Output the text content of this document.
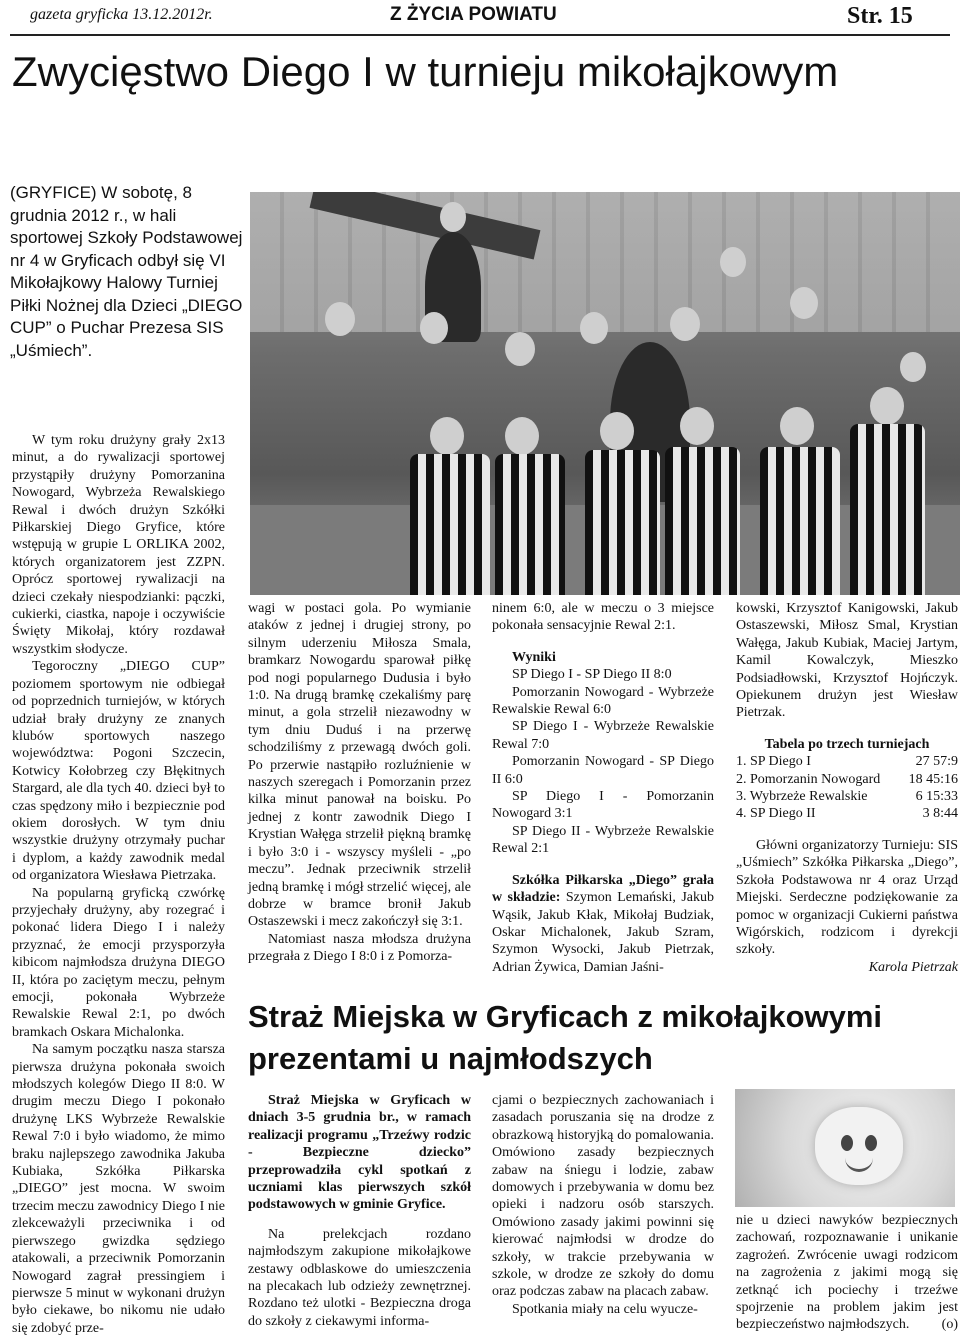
gazeta gryficka 13.12.2012r.	Z ŻYCIA POWIATU	Str. 15
Zwycięstwo Diego I w turnieju mikołajkowym
(GRYFICE) W sobotę, 8 grudnia 2012 r., w hali sportowej Szkoły Podstawowej nr 4 w Gryficach odbył się VI Mikołajkowy Halowy Turniej Piłki Nożnej dla Dzieci „DIEGO CUP” o Puchar Prezesa SIS „Uśmiech”.

W tym roku drużyny grały 2x13 minut, a do rywalizacji sportowej przystąpiły drużyny Pomorzanina Nowogard, Wybrzeża Rewalskiego Rewal i dwóch drużyn Szkółki Piłkarskiej Diego Gryfice, które wstępują w grupie L ORLIKA 2002, których organizatorem jest ZZPN. Oprócz sportowej rywalizacji na dzieci czekały niespodzianki: pączki, cukierki, ciastka, napoje i oczywiście Święty Mikołaj, który rozdawał wszystkim słodycze.

Tegoroczny „DIEGO CUP” poziomem sportowym nie odbiegał od poprzednich turniejów, w których udział brały drużyny ze znanych klubów sportowych naszego województwa: Pogoni Szczecin, Kotwicy Kołobrzeg czy Błękitnych Stargard, ale dla tych 40. dzieci był to czas spędzony miło i bezpiecznie pod okiem dorosłych. W tym dniu wszystkie drużyny otrzymały puchar i dyplom, a każdy zawodnik medal od organizatora Wiesława Pietrzaka.

Na popularną gryficką czwórkę przyjechały drużyny, aby rozegrać i pokonać lidera Diego I i należy przyznać, że emocji przysporzyła kibicom najmłodsza drużyna DIEGO II, która po zaciętym meczu, pełnym emocji, pokonała Wybrzeże Rewalskie Rewal 2:1, po dwóch bramkach Oskara Michalonka.

Na samym początku nasza starsza pierwsza drużyna pokonała swoich młodszych kolegów Diego II 8:0. W drugim meczu Diego I pokonało drużynę LKS Wybrzeże Rewalskie Rewal 7:0 i było wiadomo, że mimo braku najlepszego zawodnika Jakuba Kubiaka, Szkółka Piłkarska „DIEGO” jest mocna. W swoim trzecim meczu zawodnicy Diego I nie zlekceważyli przeciwnika i od pierwszego gwizdka sędziego atakowali, a przeciwnik Pomorzanin Nowogard zagrał pressingiem i pierwsze 5 minut w wykonani drużyn było ciekawe, bo nikomu nie udało się zdobyć prze-

wagi w postaci gola. Po wymianie ataków z jednej i drugiej strony, po silnym uderzeniu Miłosza Smala, bramkarz Nowogardu sparował piłkę pod nogi popularnego Dudusia i było 1:0. Na drugą bramkę czekaliśmy parę minut, a gola strzelił niezawodny w tym dniu Duduś i na przerwę schodziliśmy z przewagą dwóch goli. Po przerwie nastąpiło rozluźnienie w naszych szeregach i Pomorzanin przez kilka minut panował na boisku. Po jednej z kontr zawodnik Diego I Krystian Wałęga strzelił piękną bramkę i było 3:0 i - wszyscy myśleli - „po meczu”. Jednak przeciwnik strzelił jedną bramkę i mógł strzelić więcej, ale dobrze w bramce bronił Jakub Ostaszewski i mecz zakończył się 3:1.

Natomiast nasza młodsza drużyna przegrała z Diego I 8:0 i z Pomorza-

ninem 6:0, ale w meczu o 3 miejsce pokonała sensacyjnie Rewal 2:1.

Wyniki

SP Diego I - SP Diego II 8:0

Pomorzanin Nowogard - Wybrzeże Rewalskie Rewal 6:0

SP Diego I - Wybrzeże Rewalskie Rewal 7:0

Pomorzanin Nowogard - SP Diego II 6:0

SP Diego I - Pomorzanin Nowogard 3:1

SP Diego II - Wybrzeże Rewalskie Rewal 2:1

Szkółka Piłkarska „Diego” grała w składzie: Szymon Lemański, Jakub Wąsik, Jakub Kłak, Mikołaj Budziak, Oskar Michalonek, Jakub Szram, Szymon Wysocki, Jakub Pietrzak, Adrian Żywica, Damian Jaśni-

kowski, Krzysztof Kanigowski, Jakub Ostaszewski, Miłosz Smal, Krystian Wałęga, Jakub Kubiak, Maciej Jartym, Kamil Kowalczyk, Mieszko Podsiadłowski, Krzysztof Hojńczyk. Opiekunem drużyn jest Wiesław Pietrzak.

Tabela po trzech turniejach

1. SP Diego I	27 57:9
2. Pomorzanin Nowogard 18 45:16
3. Wybrzeże Rewalskie	6 15:33
4. SP Diego II	3 8:44

Główni organizatorzy Turnieju: SIS „Uśmiech” Szkółka Piłkarska „Diego”, Szkoła Podstawowa nr 4 oraz Urząd Miejski. Serdeczne podziękowanie za pomoc w organizacji Cukierni państwa Wigórskich, rodzicom i dyrekcji szkoły.

Karola Pietrzak

Straż Miejska w Gryficach z mikołajkowymi prezentami u najmłodszych

Straż Miejska w Gryficach w dniach 3-5 grudnia br., w ramach realizacji programu „Trzeźwy rodzic - Bezpieczne dziecko” przeprowadziła cykl spotkań z uczniami klas pierwszych szkół podstawowych w gminie Gryfice.

Na prelekcjach rozdano najmłodszym zakupione mikołajkowe zestawy odblaskowe do umieszczenia na plecakach lub odzieży zewnętrznej. Rozdano też ulotki - Bezpieczna droga do szkoły z ciekawymi informa-

cjami o bezpiecznych zachowaniach i zasadach poruszania się na drodze z obrazkową historyjką do pomalowania. Omówiono zasady bezpiecznych zabaw na śniegu i lodzie, zabaw domowych i przebywania w domu bez opieki i nadzoru osób starszych. Omówiono zasady jakimi powinni się kierować najmłodsi w drodze do szkoły, w trakcie przebywania w szkole, w drodze ze szkoły do domu oraz podczas zabaw na placach zabaw.

Spotkania miały na celu wyucze-

nie u dzieci nawyków bezpiecznych zachowań, rozpoznawanie i unikanie zagrożeń. Zwrócenie uwagi rodzicom na zagrożenia z jakimi mogą się zetknąć ich pociechy i trzeźwe spojrzenie na problem jakim jest bezpieczeństwo najmłodszych. (o)
